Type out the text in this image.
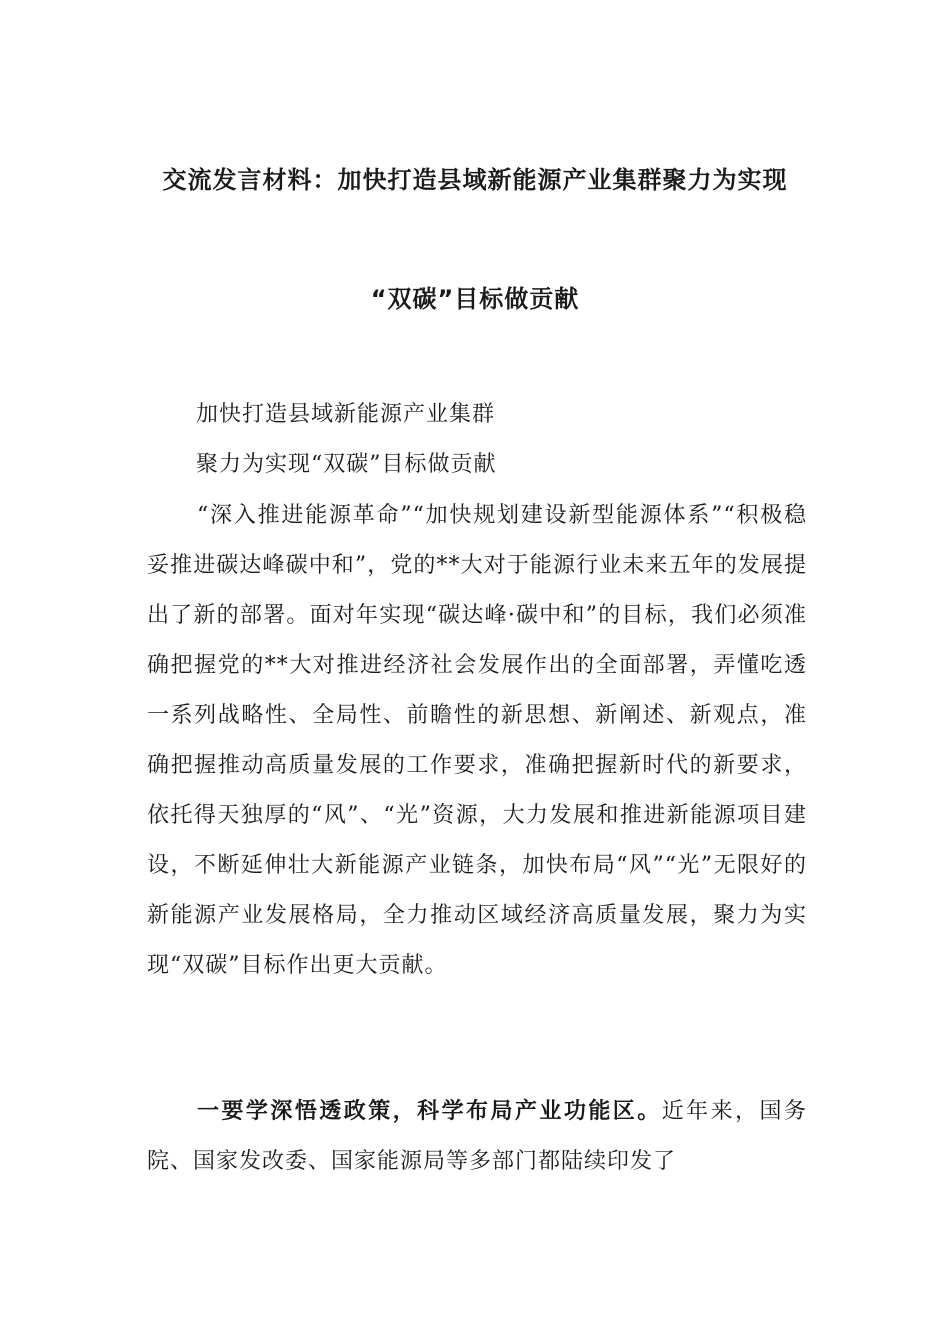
交流发言材料：加快打造县域新能源产业集群聚力为实现
“双碳”目标做贡献
加快打造县域新能源产业集群
聚力为实现“双碳”目标做贡献
“深入推进能源革命”“加快规划建设新型能源体系”“积极稳妥推进碳达峰碳中和”，党的**大对于能源行业未来五年的发展提出了新的部署。面对年实现“碳达峰·碳中和”的目标，我们必须准确把握党的**大对推进经济社会发展作出的全面部署，弄懂吃透一系列战略性、全局性、前瞻性的新思想、新阐述、新观点，准确把握推动高质量发展的工作要求，准确把握新时代的新要求，依托得天独厚的“风”、“光”资源，大力发展和推进新能源项目建设，不断延伸壮大新能源产业链条，加快布局“风”“光”无限好的新能源产业发展格局，全力推动区域经济高质量发展，聚力为实现“双碳”目标作出更大贡献。
一要学深悟透政策，科学布局产业功能区。近年来，国务院、国家发改委、国家能源局等多部门都陆续印发了
